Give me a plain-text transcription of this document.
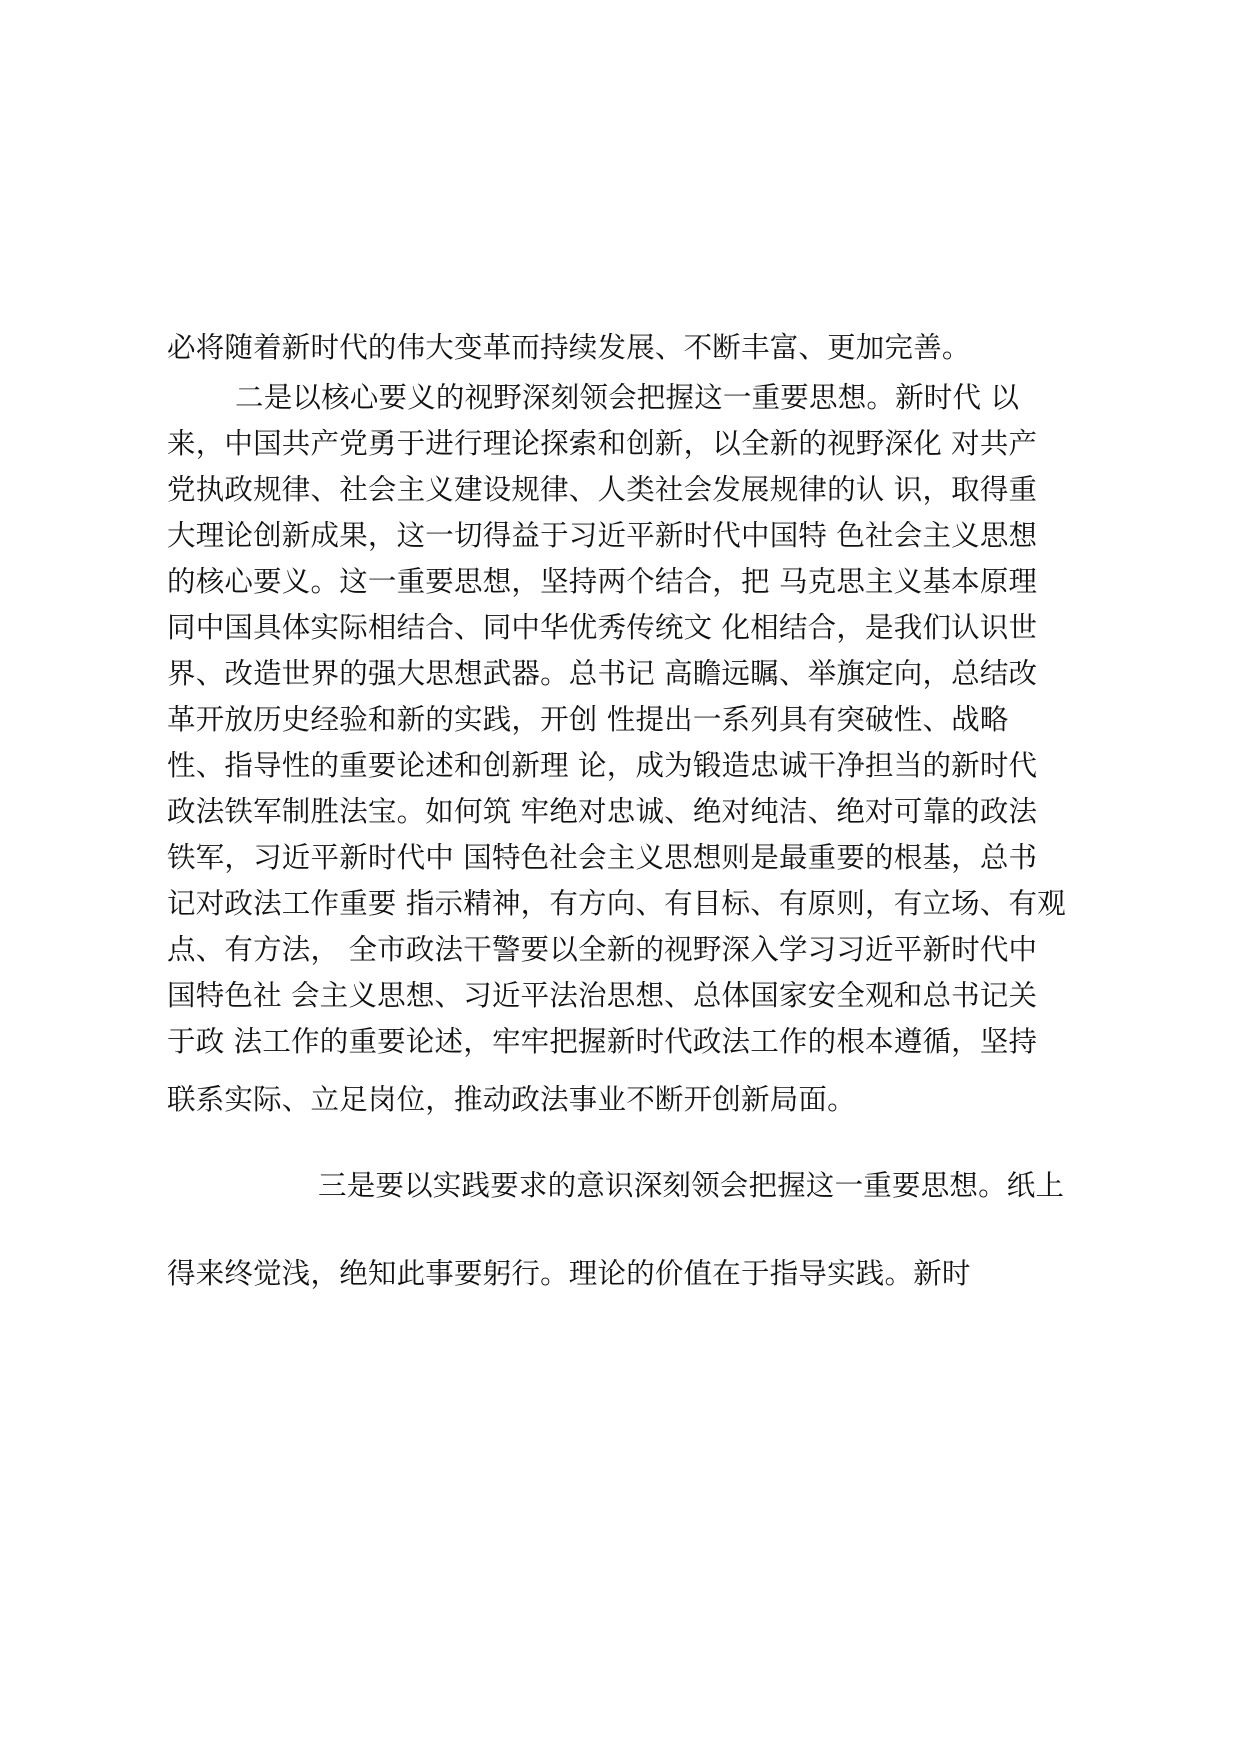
必将随着新时代的伟大变革而持续发展、不断丰富、更加完善。
二是以核心要义的视野深刻领会把握这一重要思想。新时代 以
来，中国共产党勇于进行理论探索和创新，以全新的视野深化 对共产
党执政规律、社会主义建设规律、人类社会发展规律的认 识，取得重
大理论创新成果，这一切得益于习近平新时代中国特 色社会主义思想
的核心要义。这一重要思想，坚持两个结合，把 马克思主义基本原理
同中国具体实际相结合、同中华优秀传统文 化相结合，是我们认识世
界、改造世界的强大思想武器。总书记 高瞻远瞩、举旗定向，总结改
革开放历史经验和新的实践，开创 性提出一系列具有突破性、战略
性、指导性的重要论述和创新理 论，成为锻造忠诚干净担当的新时代
政法铁军制胜法宝。如何筑 牢绝对忠诚、绝对纯洁、绝对可靠的政法
铁军，习近平新时代中 国特色社会主义思想则是最重要的根基，总书
记对政法工作重要 指示精神，有方向、有目标、有原则，有立场、有观
点、有方法， 全市政法干警要以全新的视野深入学习习近平新时代中
国特色社 会主义思想、习近平法治思想、总体国家安全观和总书记关
于政 法工作的重要论述，牢牢把握新时代政法工作的根本遵循，坚持
联系实际、立足岗位，推动政法事业不断开创新局面。
三是要以实践要求的意识深刻领会把握这一重要思想。纸上
得来终觉浅，绝知此事要躬行。理论的价值在于指导实践。新时
